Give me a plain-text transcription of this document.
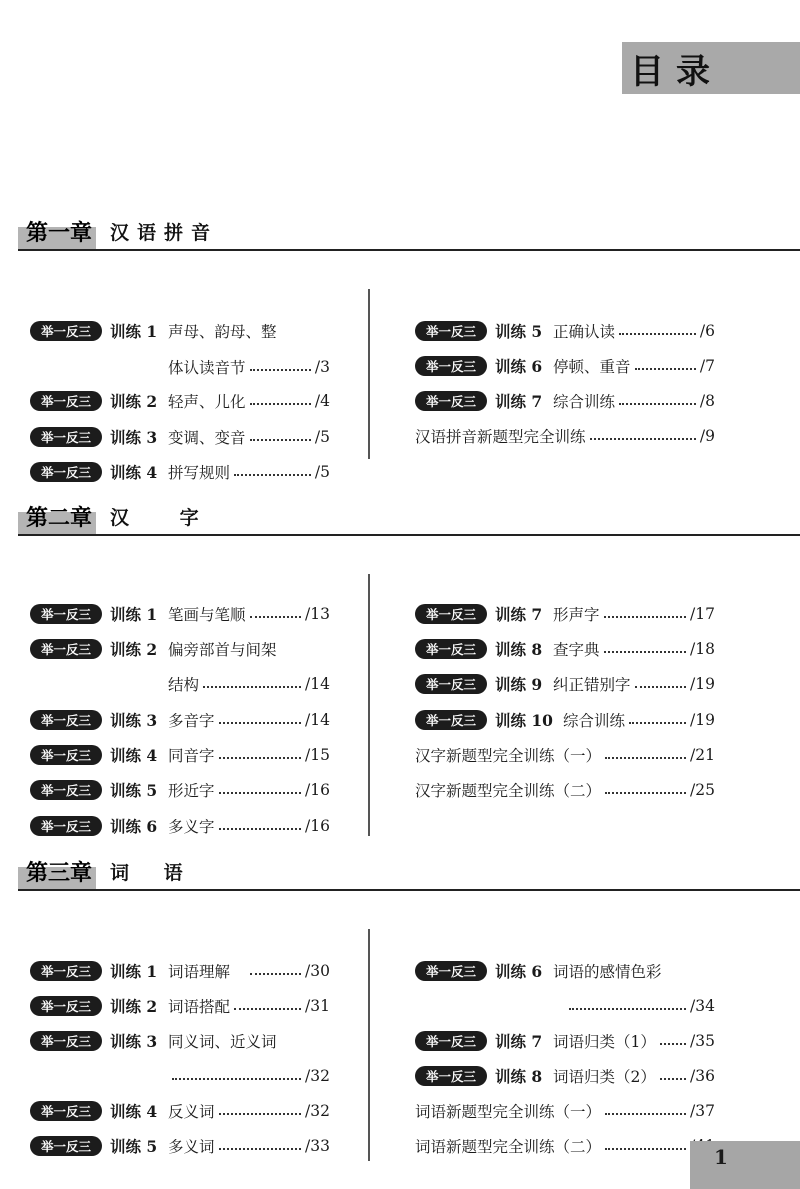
目录
第一章 汉语拼音
举一反三	训练 1 声母、韵母、整
体认读音节	/3
举一反三	训练 2 轻声、儿化	/4
举一反三	训练 3 变调、变音	/5
举一反三	训练 4 拼写规则	/5
举一反三	训练 5 正确认读	/6
举一反三	训练 6 停顿、重音	/7
举一反三	训练 7 综合训练	/8
汉语拼音新题型完全训练	/9
第二章 汉 字
举一反三	训练 1 笔画与笔顺	/13
举一反三	训练 2 偏旁部首与间架
结构	/14
举一反三	训练 3 多音字	/14
举一反三	训练 4 同音字	/15
举一反三	训练 5 形近字	/16
举一反三	训练 6 多义字	/16
举一反三	训练 7 形声字	/17
举一反三	训练 8 查字典	/18
举一反三	训练 9 纠正错别字	/19
举一反三	训练 10 综合训练	/19
汉字新题型完全训练（一）	/21
汉字新题型完全训练（二）	/25
第三章 词 语
举一反三	训练 1 词语理解	/30
举一反三	训练 2 词语搭配	/31
举一反三	训练 3 同义词、近义词
/32
举一反三	训练 4 反义词	/32
举一反三	训练 5 多义词	/33
举一反三	训练 6 词语的感情色彩
/34
举一反三	训练 7 词语归类（1） /35
举一反三	训练 8 词语归类（2） /36
词语新题型完全训练（一）	/37
词语新题型完全训练（二）	1
